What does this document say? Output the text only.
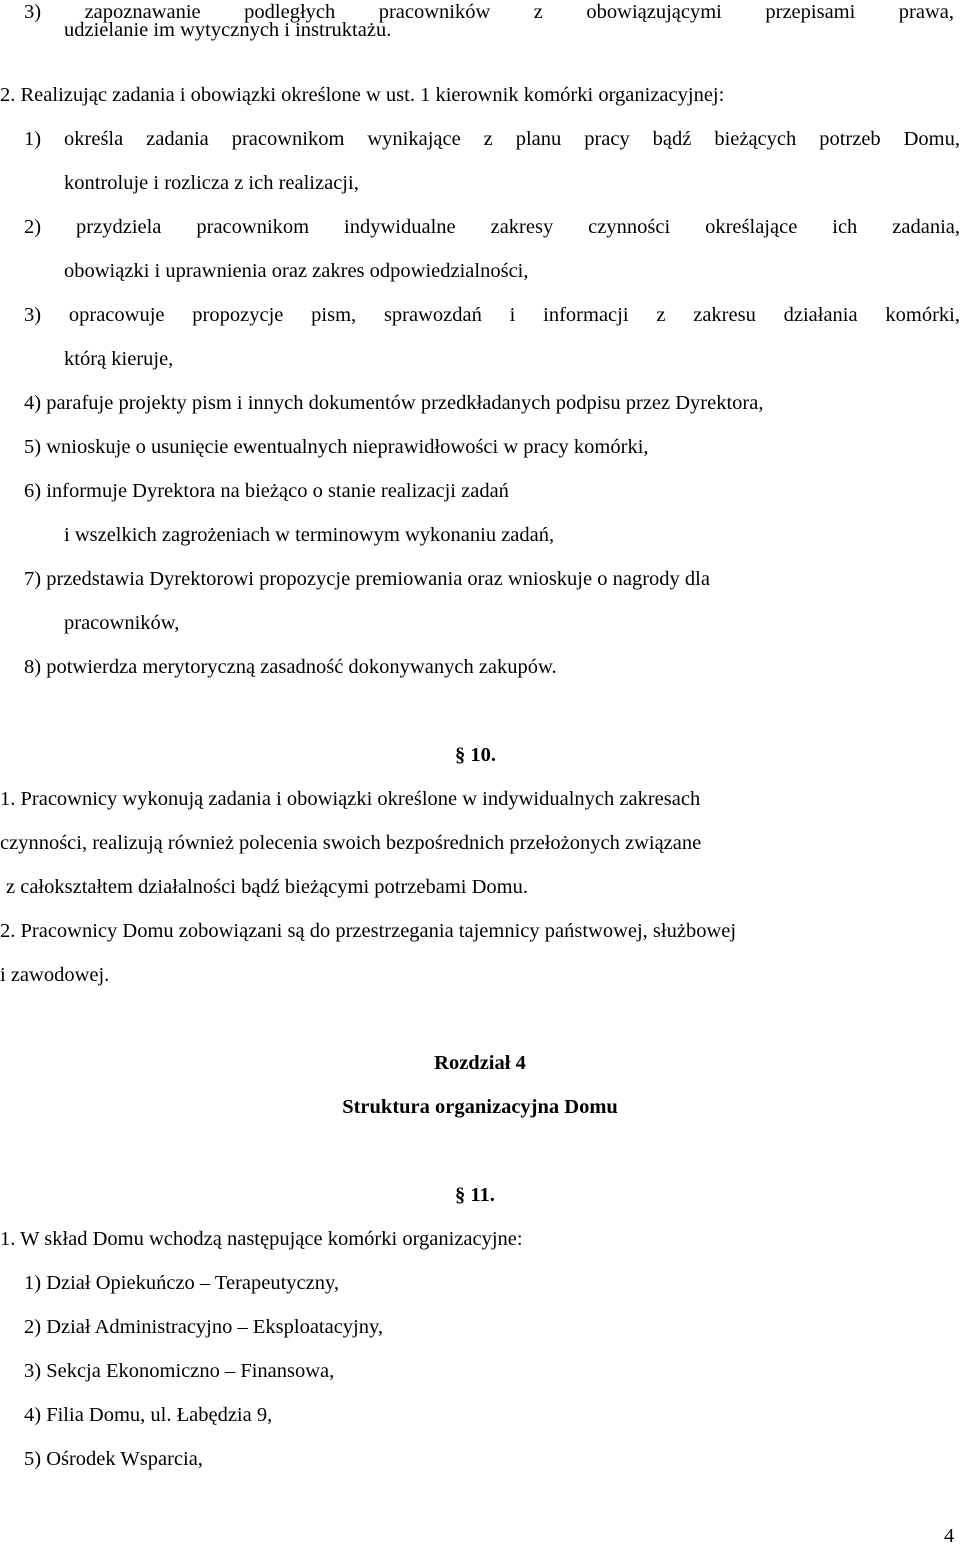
3) zapoznawanie podległych pracowników z obowiązującymi przepisami prawa,
udzielanie im wytycznych i instruktażu.
2. Realizując zadania i obowiązki określone w ust. 1 kierownik komórki organizacyjnej:
1) określa zadania pracownikom wynikające z planu pracy bądź bieżących potrzeb Domu,
kontroluje i rozlicza z ich realizacji,
2) przydziela pracownikom indywidualne zakresy czynności określające ich zadania,
obowiązki i uprawnienia oraz zakres odpowiedzialności,
3) opracowuje propozycje pism, sprawozdań i informacji z zakresu działania komórki,
którą kieruje,
4) parafuje projekty pism i innych dokumentów przedkładanych podpisu przez Dyrektora,
5) wnioskuje o usunięcie ewentualnych nieprawidłowości w pracy komórki,
6) informuje Dyrektora na bieżąco o stanie realizacji zadań
i wszelkich zagrożeniach w terminowym wykonaniu zadań,
7) przedstawia Dyrektorowi propozycje premiowania oraz wnioskuje o nagrody dla
pracowników,
8) potwierdza merytoryczną zasadność dokonywanych zakupów.
§ 10.
1. Pracownicy wykonują zadania i obowiązki określone w indywidualnych zakresach
czynności, realizują również polecenia swoich bezpośrednich przełożonych związane
z całokształtem działalności bądź bieżącymi potrzebami Domu.
2. Pracownicy Domu zobowiązani są do przestrzegania tajemnicy państwowej, służbowej
i zawodowej.
Rozdział 4
Struktura organizacyjna Domu
§ 11.
1. W skład Domu wchodzą następujące komórki organizacyjne:
1) Dział Opiekuńczo – Terapeutyczny,
2) Dział Administracyjno – Eksploatacyjny,
3) Sekcja Ekonomiczno – Finansowa,
4) Filia Domu, ul. Łabędzia 9,
5) Ośrodek Wsparcia,
4
